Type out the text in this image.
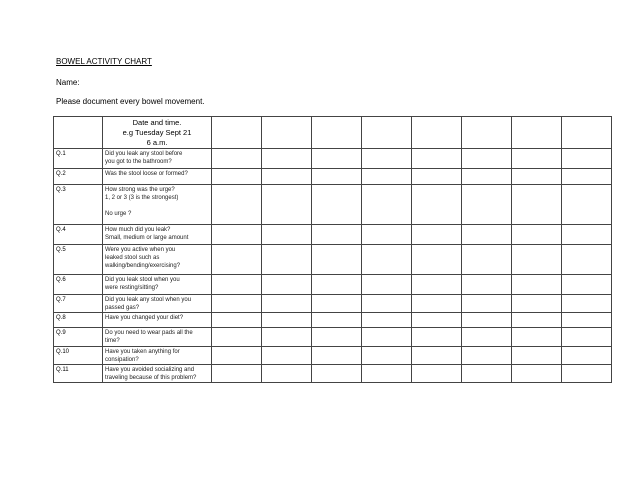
BOWEL ACTIVITY CHART
Name:
Please document every bowel movement.

	Date and time.
e.g Tuesday Sept 21
6 a.m.								

Q.1	Did you leak any stool before
you got to the bathroom?								

Q.2	Was the stool loose or formed?								

Q.3	How strong was the urge?
1, 2 or 3 (3 is the strongest)

No urge ?								

Q.4	How much did you leak?
Small, medium or large amount								

Q.5	Were you active when you
leaked stool such as
walking/bending/exercising?								

Q.6	Did you leak stool when you
were resting/sitting?								

Q.7	Did you leak any stool when you
passed gas?								

Q.8	Have you changed your diet?								

Q.9	Do you need to wear pads all the
time?								

Q.10	Have you taken anything for
consipation?								

Q.11	Have you avoided socializing and
traveling because of this problem?								
